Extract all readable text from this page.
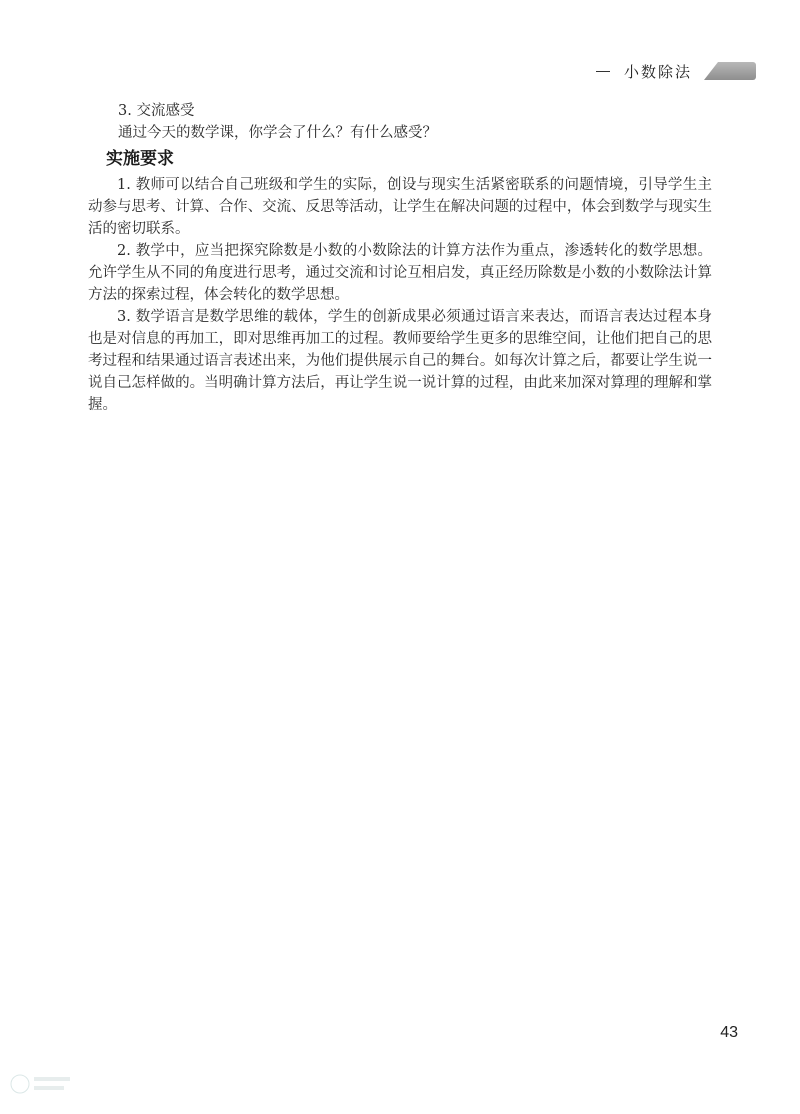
小数除法

3. 交流感受

通过今天的数学课，你学会了什么？有什么感受？

实施要求

1. 教师可以结合自己班级和学生的实际，创设与现实生活紧密联系的问题情境，引导学生主动参与思考、计算、合作、交流、反思等活动，让学生在解决问题的过程中，体会到数学与现实生活的密切联系。

2. 教学中，应当把探究除数是小数的小数除法的计算方法作为重点，渗透转化的数学思想。允许学生从不同的角度进行思考，通过交流和讨论互相启发，真正经历除数是小数的小数除法计算方法的探索过程，体会转化的数学思想。

3. 数学语言是数学思维的载体，学生的创新成果必须通过语言来表达，而语言表达过程本身也是对信息的再加工，即对思维再加工的过程。教师要给学生更多的思维空间，让他们把自己的思考过程和结果通过语言表述出来，为他们提供展示自己的舞台。如每次计算之后，都要让学生说一说自己怎样做的。当明确计算方法后，再让学生说一说计算的过程，由此来加深对算理的理解和掌握。

43
